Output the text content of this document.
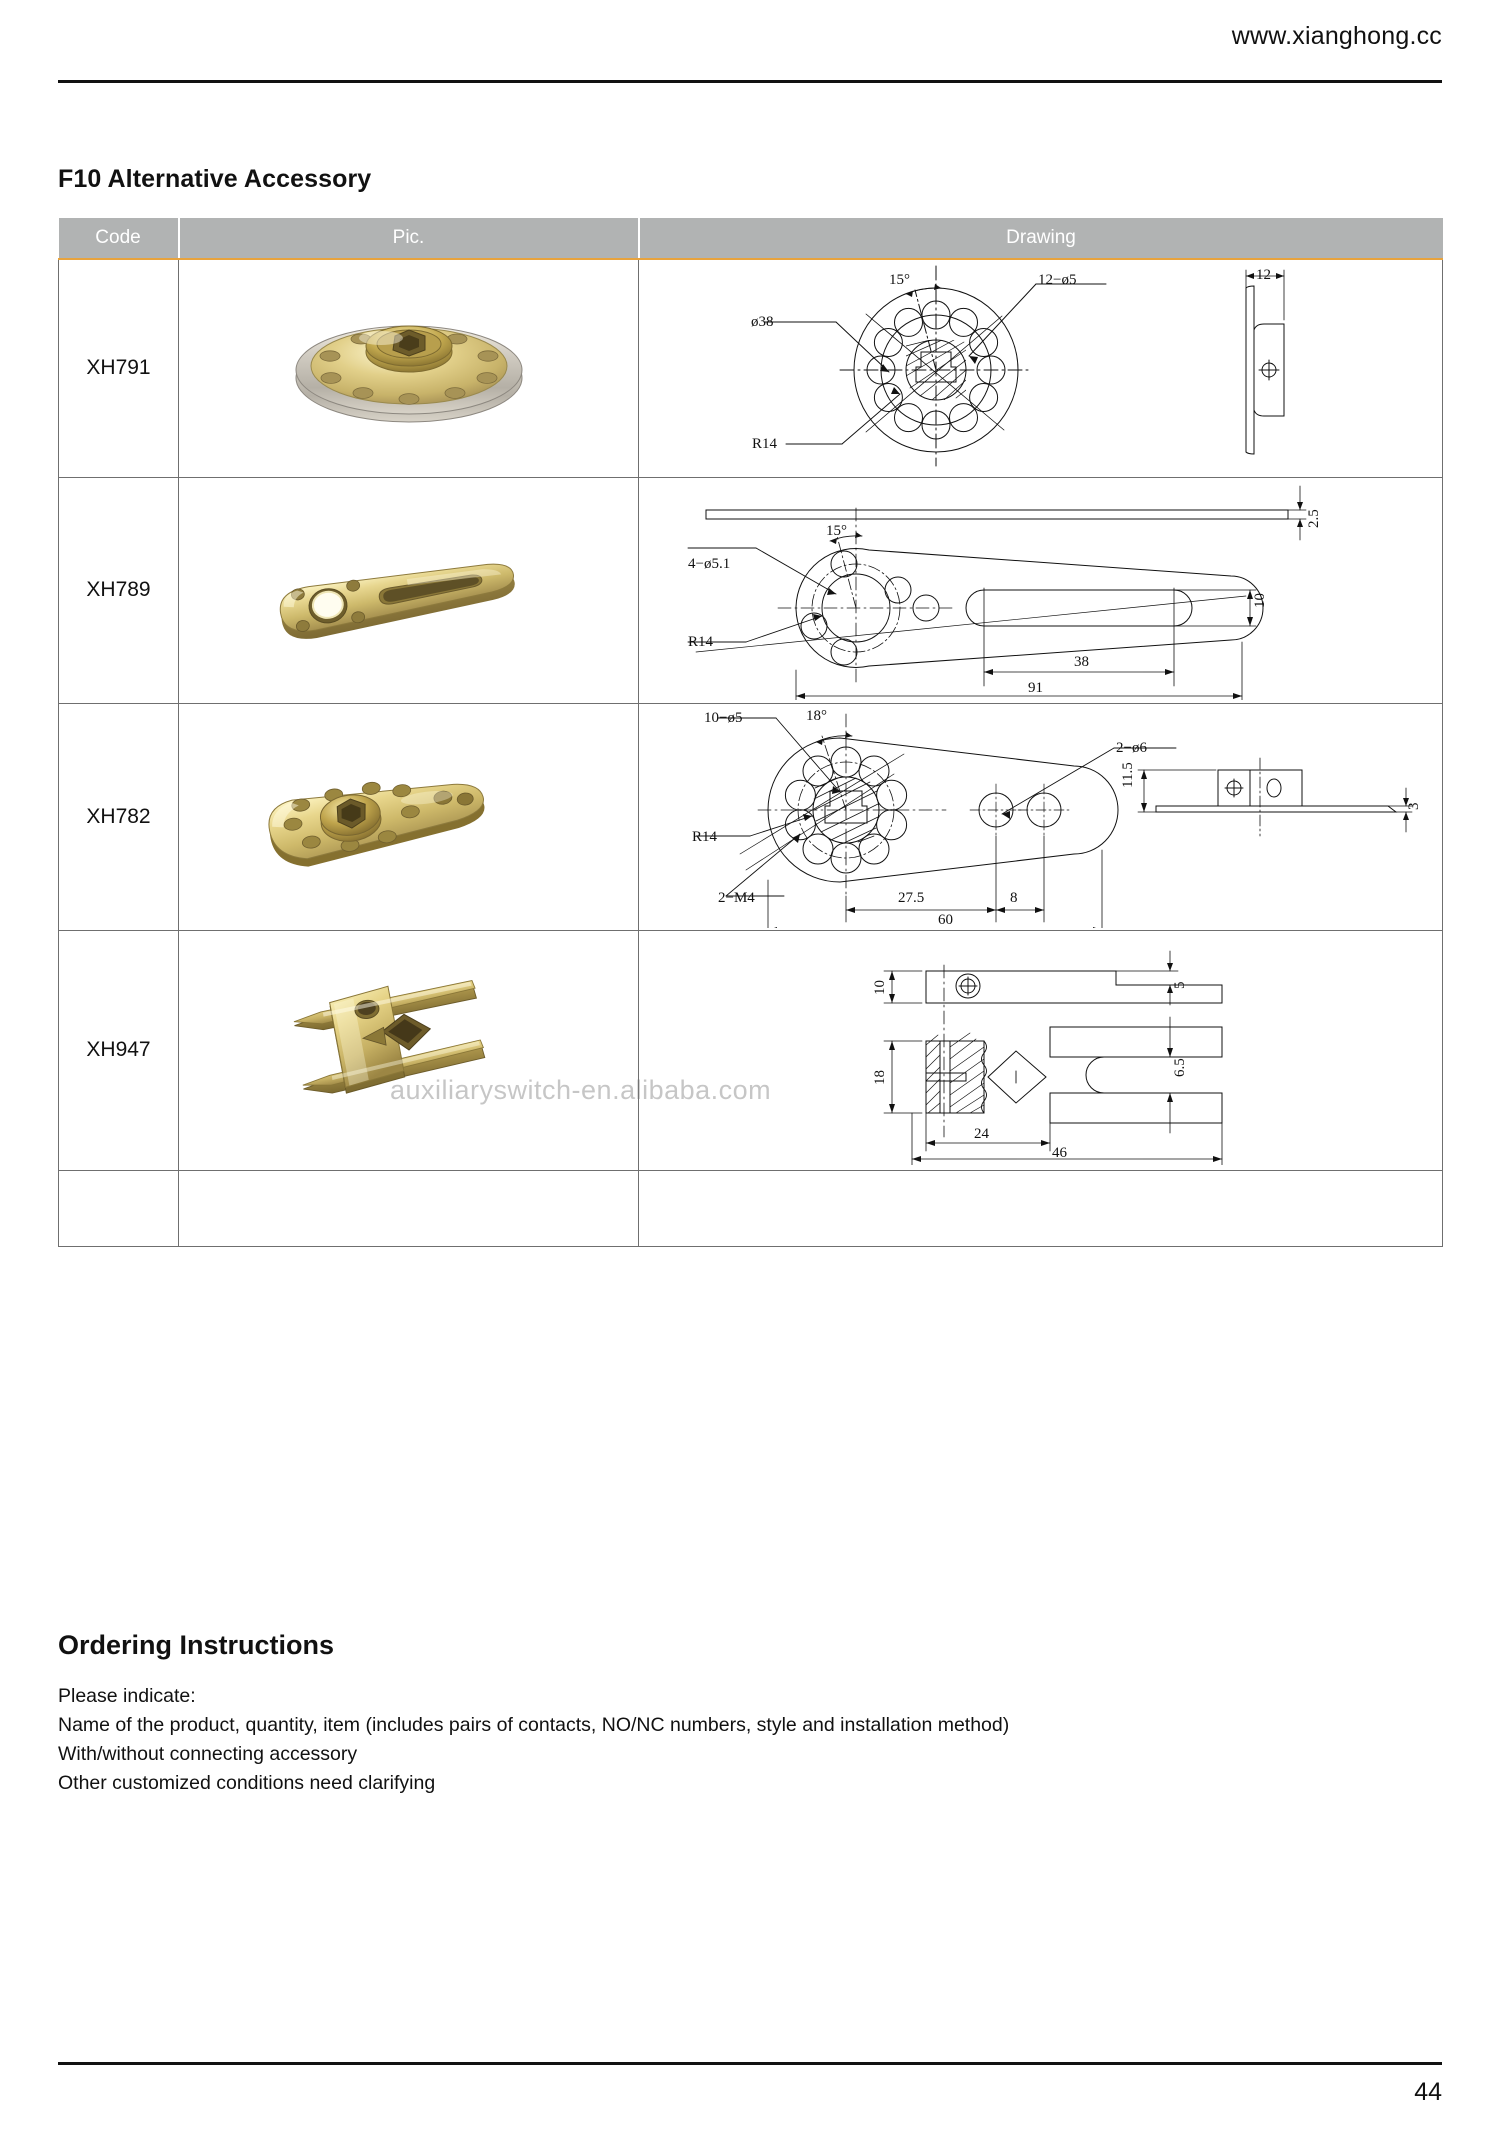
www.xianghong.cc
F10 Alternative Accessory
Code	Pic.	Drawing
XH791		ø38
15° 12−ø5
R14
12

XH789	

4−ø5.1
15°
R14
2.5
10
38
91

XH782	

10−ø5	18°
2−ø6
R14
2−M4	27.5	8
60
11.5
3

XH947	

10	5
6.5
18
24
46

auxiliaryswitch-en.alibaba.com
Ordering Instructions
Please indicate:
Name of the product, quantity, item (includes pairs of contacts, NO/NC numbers, style and installation method)
With/without connecting accessory
Other customized conditions need clarifying
44
